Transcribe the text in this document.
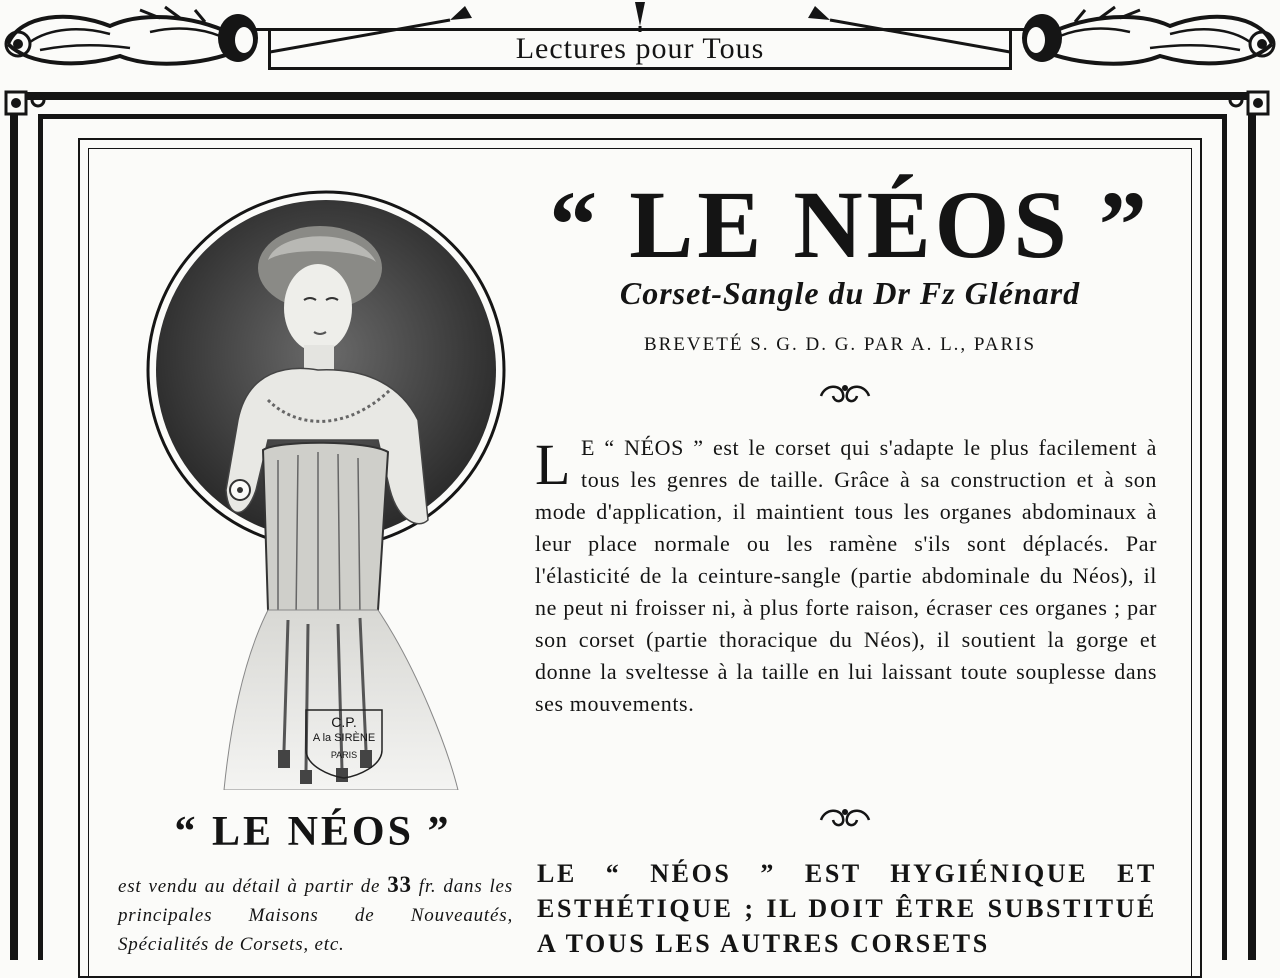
Lectures pour Tous
C.P.
A la SIRÈNE
PARIS
“ LE NÉOS ”
Corset-Sangle du Dr Fz Glénard
BREVETÉ S. G. D. G. PAR A. L., PARIS
L E “ NÉOS ” est le corset qui s'adapte le plus facilement à tous les genres de taille. Grâce à sa construction et à son mode d'application, il maintient tous les organes abdominaux à leur place normale ou les ramène s'ils sont déplacés. Par l'élasticité de la ceinture-sangle (partie abdominale du Néos), il ne peut ni froisser ni, à plus forte raison, écraser ces organes ; par son corset (partie thoracique du Néos), il soutient la gorge et donne la sveltesse à la taille en lui laissant toute souplesse dans ses mouvements.
LE “ NÉOS ” EST HYGIÉNIQUE ET ESTHÉTIQUE ; IL DOIT ÊTRE SUBSTITUÉ A TOUS LES AUTRES CORSETS
“ LE NÉOS ”
est vendu au détail à partir de 33 fr. dans les principales Maisons de Nouveautés, Spécialités de Corsets, etc.
